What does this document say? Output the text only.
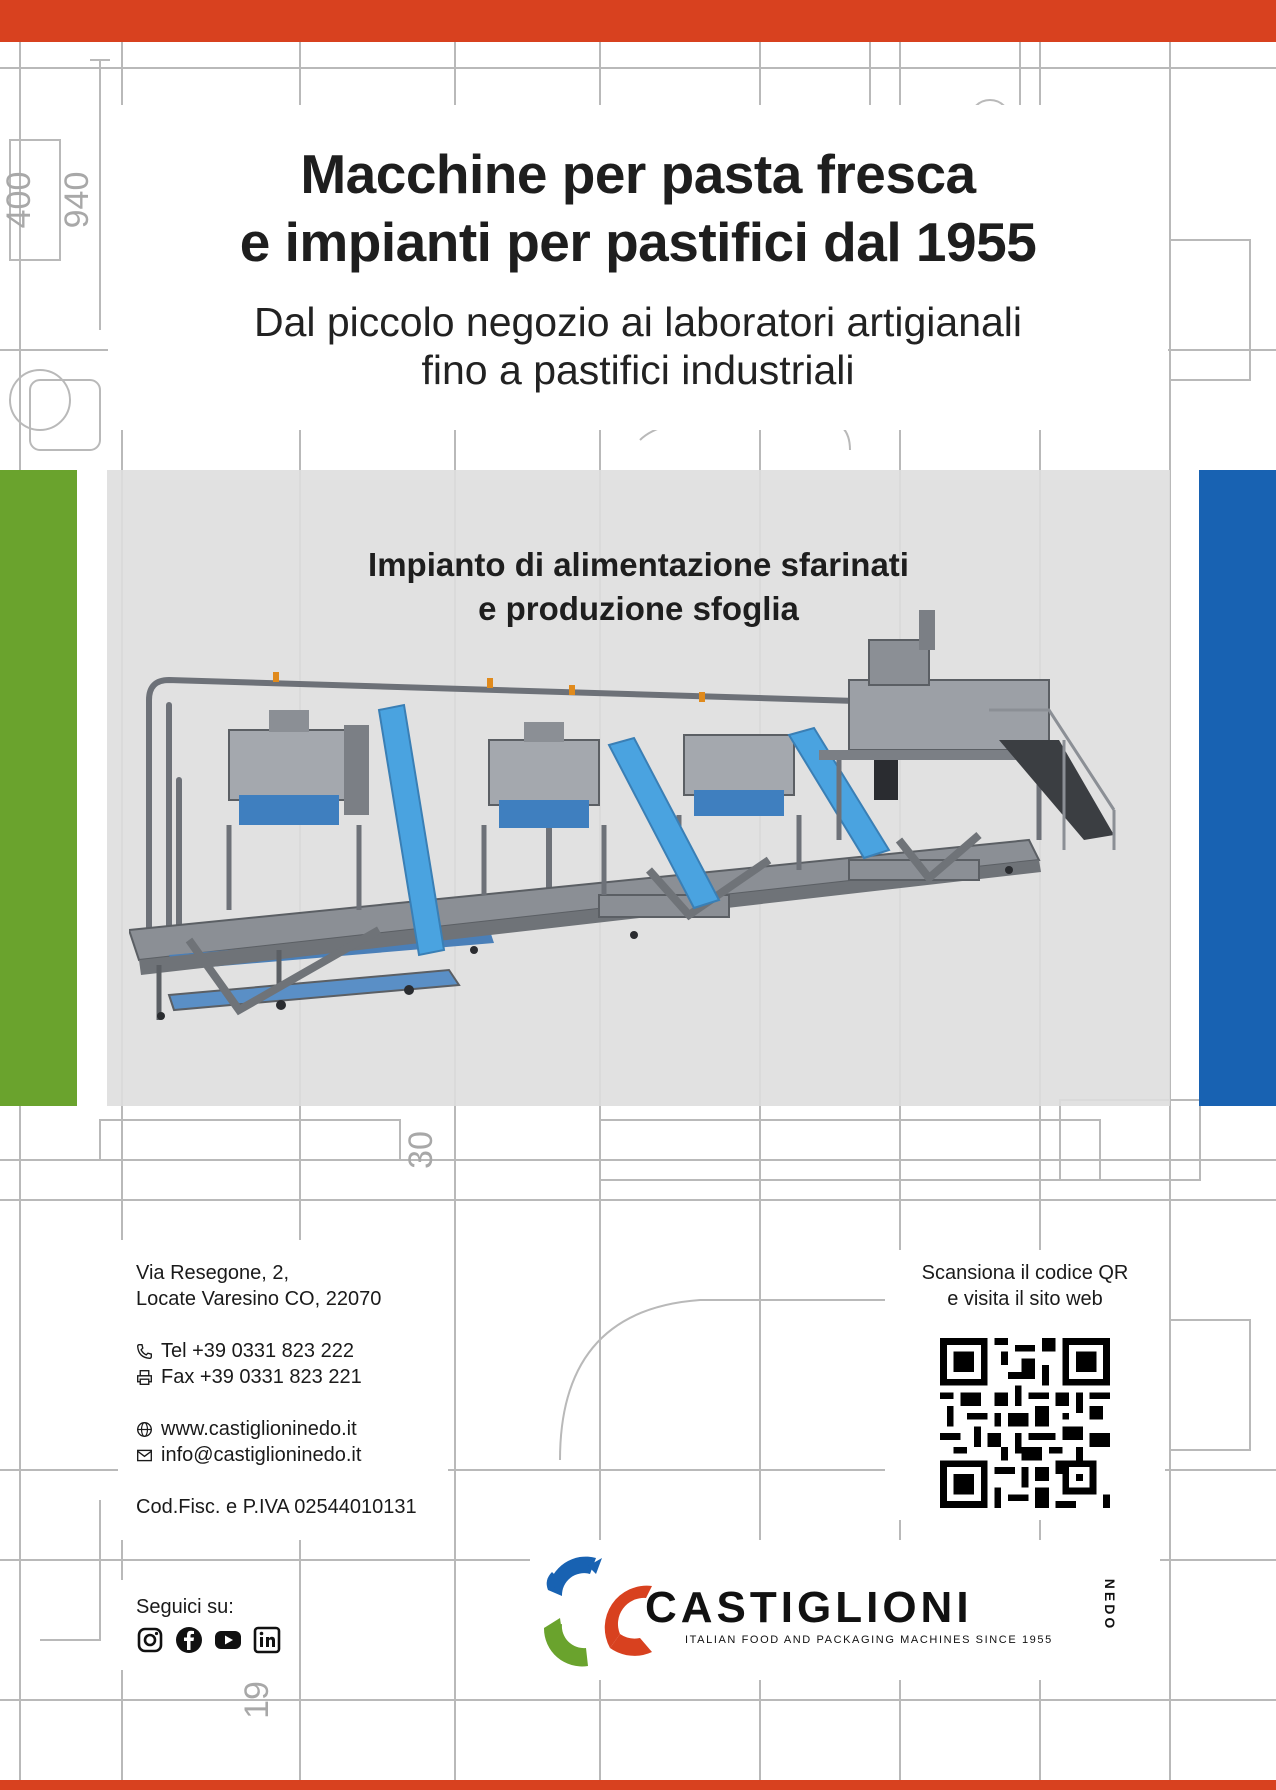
940
400
30
19
Macchine per pasta fresca
e impianti per pastifici dal 1955
Dal piccolo negozio ai laboratori artigianali
fino a pastifici industriali
Impianto di alimentazione sfarinati
e produzione sfoglia
Via Resegone, 2,
Locate Varesino CO, 22070
Tel +39 0331 823 222
Fax +39 0331 823 221
www.castiglioninedo.it
info@castiglioninedo.it
Cod.Fisc. e P.IVA 02544010131
Seguici su:
Scansiona il codice QR
e visita il sito web
CASTIGLIONI
ITALIAN FOOD AND PACKAGING MACHINES SINCE 1955
NEDO
